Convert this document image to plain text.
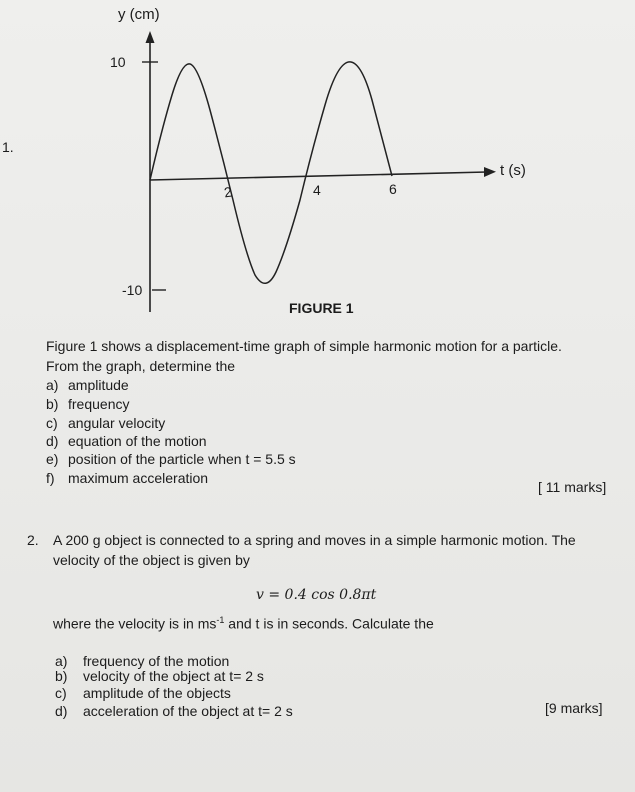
1.
y (cm)
10
-10
2	4	6
t (s)
FIGURE 1
Figure 1 shows a displacement-time graph of simple harmonic motion for a particle.
From the graph, determine the
a) amplitude
b) frequency
c) angular velocity
d) equation of the motion
e) position of the particle when t = 5.5 s
f) maximum acceleration
[ 11 marks]
2. A 200 g object is connected to a spring and moves in a simple harmonic motion. The
velocity of the object is given by
v = 0.4 cos 0.8πt
where the velocity is in $ms^{-1}$ and t is in seconds. Calculate the
a) frequency of the motion
b) velocity of the object at t= 2 s
c) amplitude of the objects
d) acceleration of the object at t= 2 s	[9 marks]
